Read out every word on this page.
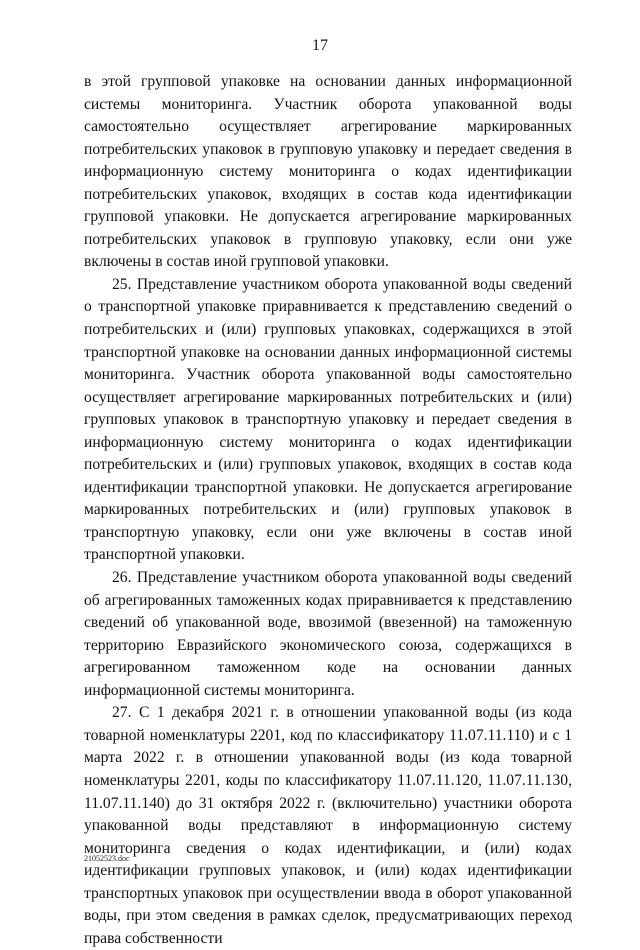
17

в этой групповой упаковке на основании данных информационной системы мониторинга. Участник оборота упакованной воды самостоятельно осуществляет агрегирование маркированных потребительских упаковок в групповую упаковку и передает сведения в информационную систему мониторинга о кодах идентификации потребительских упаковок, входящих в состав кода идентификации групповой упаковки. Не допускается агрегирование маркированных потребительских упаковок в групповую упаковку, если они уже включены в состав иной групповой упаковки.

25. Представление участником оборота упакованной воды сведений о транспортной упаковке приравнивается к представлению сведений о потребительских и (или) групповых упаковках, содержащихся в этой транспортной упаковке на основании данных информационной системы мониторинга. Участник оборота упакованной воды самостоятельно осуществляет агрегирование маркированных потребительских и (или) групповых упаковок в транспортную упаковку и передает сведения в информационную систему мониторинга о кодах идентификации потребительских и (или) групповых упаковок, входящих в состав кода идентификации транспортной упаковки. Не допускается агрегирование маркированных потребительских и (или) групповых упаковок в транспортную упаковку, если они уже включены в состав иной транспортной упаковки.

26. Представление участником оборота упакованной воды сведений об агрегированных таможенных кодах приравнивается к представлению сведений об упакованной воде, ввозимой (ввезенной) на таможенную территорию Евразийского экономического союза, содержащихся в агрегированном таможенном коде на основании данных информационной системы мониторинга.

27. С 1 декабря 2021 г. в отношении упакованной воды (из кода товарной номенклатуры 2201, код по классификатору 11.07.11.110) и с 1 марта 2022 г. в отношении упакованной воды (из кода товарной номенклатуры 2201, коды по классификатору 11.07.11.120, 11.07.11.130, 11.07.11.140) до 31 октября 2022 г. (включительно) участники оборота упакованной воды представляют в информационную систему мониторинга сведения о кодах идентификации, и (или) кодах идентификации групповых упаковок, и (или) кодах идентификации транспортных упаковок при осуществлении ввода в оборот упакованной воды, при этом сведения в рамках сделок, предусматривающих переход права собственности

21052523.doc
